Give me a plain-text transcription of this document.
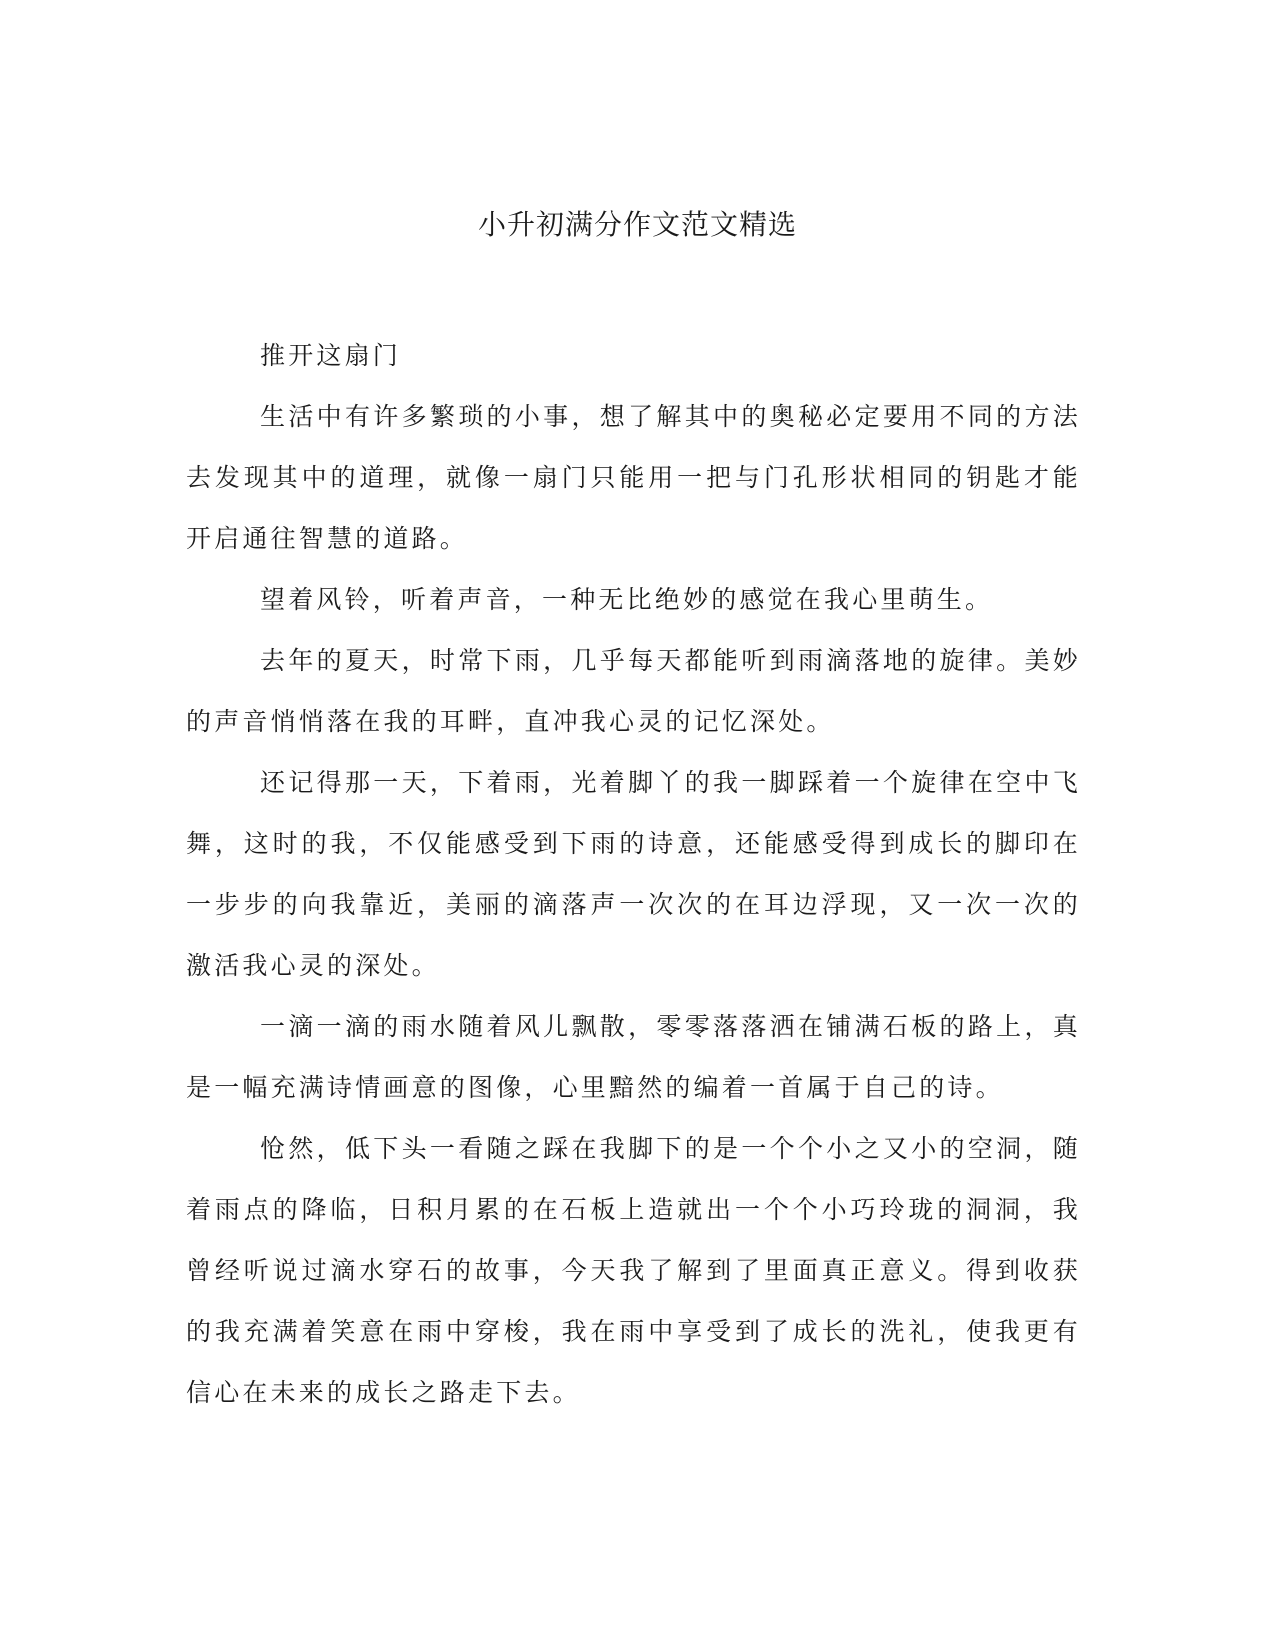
小升初满分作文范文精选

推开这扇门

生活中有许多繁琐的小事，想了解其中的奥秘必定要用不同的方法去发现其中的道理，就像一扇门只能用一把与门孔形状相同的钥匙才能开启通往智慧的道路。

望着风铃，听着声音，一种无比绝妙的感觉在我心里萌生。

去年的夏天，时常下雨，几乎每天都能听到雨滴落地的旋律。美妙的声音悄悄落在我的耳畔，直冲我心灵的记忆深处。

还记得那一天，下着雨，光着脚丫的我一脚踩着一个旋律在空中飞舞，这时的我，不仅能感受到下雨的诗意，还能感受得到成长的脚印在一步步的向我靠近，美丽的滴落声一次次的在耳边浮现，又一次一次的激活我心灵的深处。

一滴一滴的雨水随着风儿飘散，零零落落洒在铺满石板的路上，真是一幅充满诗情画意的图像，心里黯然的编着一首属于自己的诗。

怆然，低下头一看随之踩在我脚下的是一个个小之又小的空洞，随着雨点的降临，日积月累的在石板上造就出一个个小巧玲珑的洞洞，我曾经听说过滴水穿石的故事，今天我了解到了里面真正意义。得到收获的我充满着笑意在雨中穿梭，我在雨中享受到了成长的洗礼，使我更有信心在未来的成长之路走下去。
